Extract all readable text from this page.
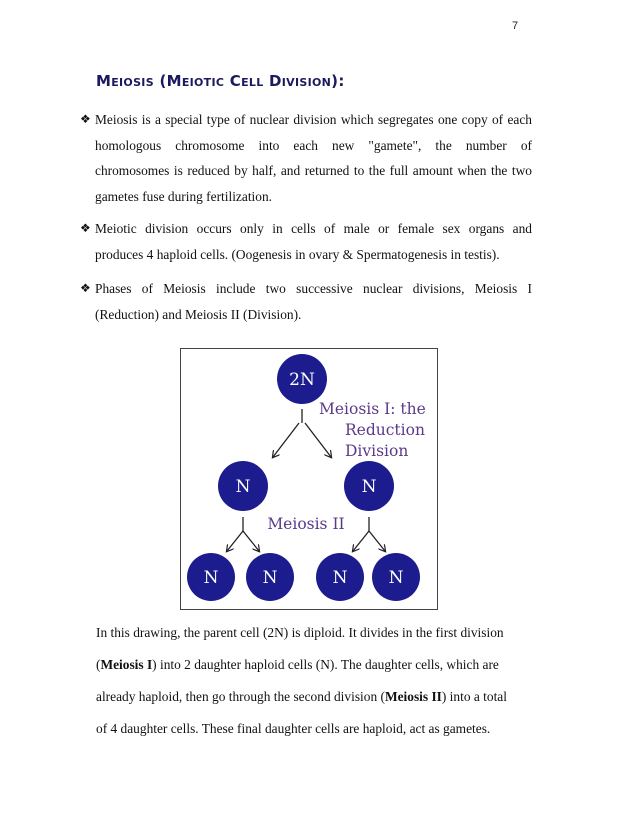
7
Meiosis (Meiotic Cell Division):
❖ Meiosis is a special type of nuclear division which segregates one copy of each
homologous chromosome into each new "gamete", the number of
chromosomes is reduced by half, and returned to the full amount when the two
gametes fuse during fertilization.
❖ Meiotic division occurs only in cells of male or female sex organs and
produces 4 haploid cells. (Oogenesis in ovary & Spermatogenesis in testis).
❖ Phases of Meiosis include two successive nuclear divisions, Meiosis I
(Reduction) and Meiosis II (Division).
2N
Meiosis I: the
Reduction
Division
N	N
Meiosis II
N	N	N N
In this drawing, the parent cell (2N) is diploid. It divides in the first division
(Meiosis I) into 2 daughter haploid cells (N). The daughter cells, which are
already haploid, then go through the second division (Meiosis II) into a total
of 4 daughter cells. These final daughter cells are haploid, act as gametes.
